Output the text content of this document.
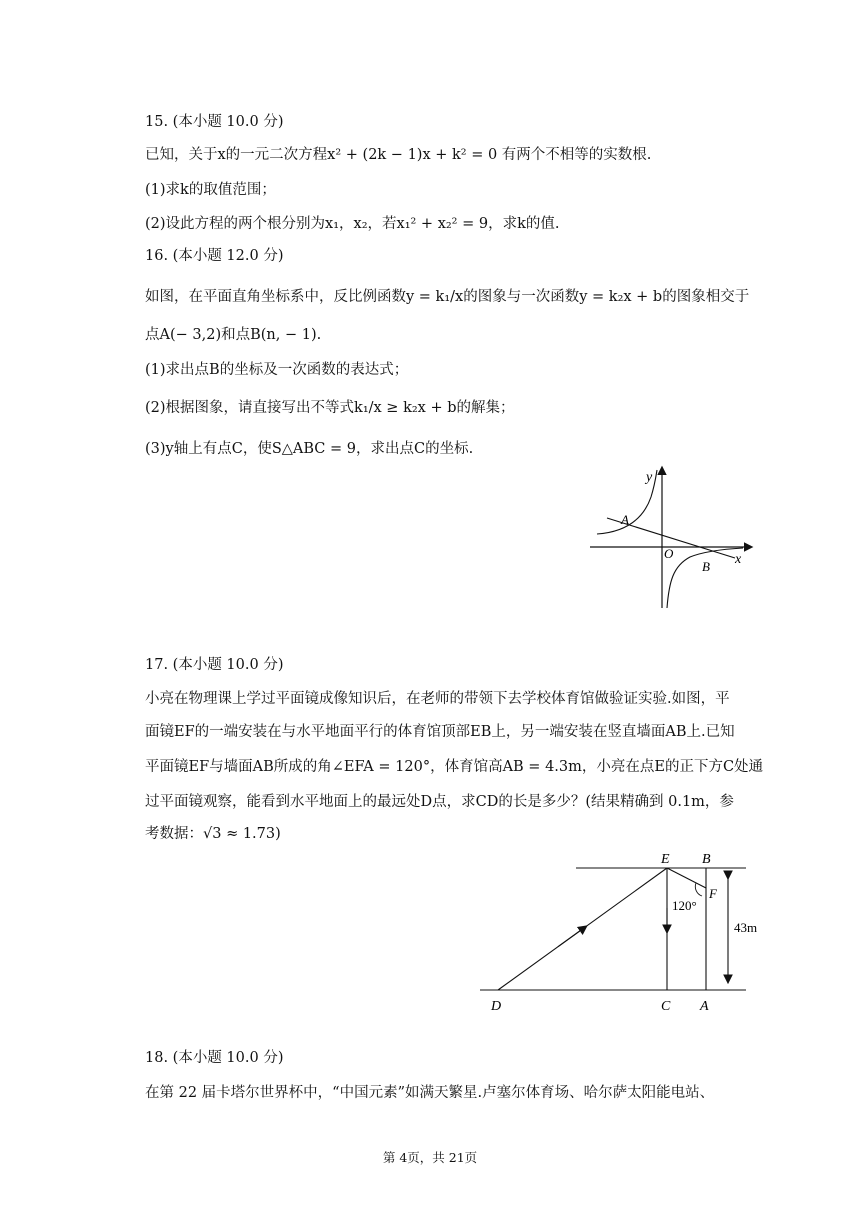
15. (本小题 10.0 分)
已知，关于x的一元二次方程x² + (2k − 1)x + k² = 0 有两个不相等的实数根.
(1)求k的取值范围；
(2)设此方程的两个根分别为x₁，x₂，若x₁² + x₂² = 9，求k的值.
16. (本小题 12.0 分)
如图，在平面直角坐标系中，反比例函数y = k₁/x的图象与一次函数y = k₂x + b的图象相交于
点A(− 3,2)和点B(n, − 1).
(1)求出点B的坐标及一次函数的表达式；
(2)根据图象，请直接写出不等式k₁/x ≥ k₂x + b的解集；
(3)y轴上有点C，使S△ABC = 9，求出点C的坐标.
y
x
O
A
B
17. (本小题 10.0 分)
小亮在物理课上学过平面镜成像知识后，在老师的带领下去学校体育馆做验证实验.如图，平
面镜EF的一端安装在与水平地面平行的体育馆顶部EB上，另一端安装在竖直墙面AB上.已知
平面镜EF与墙面AB所成的角∠EFA = 120°，体育馆高AB = 4.3m，小亮在点E的正下方C处通
过平面镜观察，能看到水平地面上的最远处D点，求CD的长是多少？(结果精确到 0.1m，参
考数据：√3 ≈ 1.73)
E B
F
120°
43m
D	C A
18. (本小题 10.0 分)
在第 22 届卡塔尔世界杯中，“中国元素”如满天繁星.卢塞尔体育场、哈尔萨太阳能电站、
第 4页，共 21页
